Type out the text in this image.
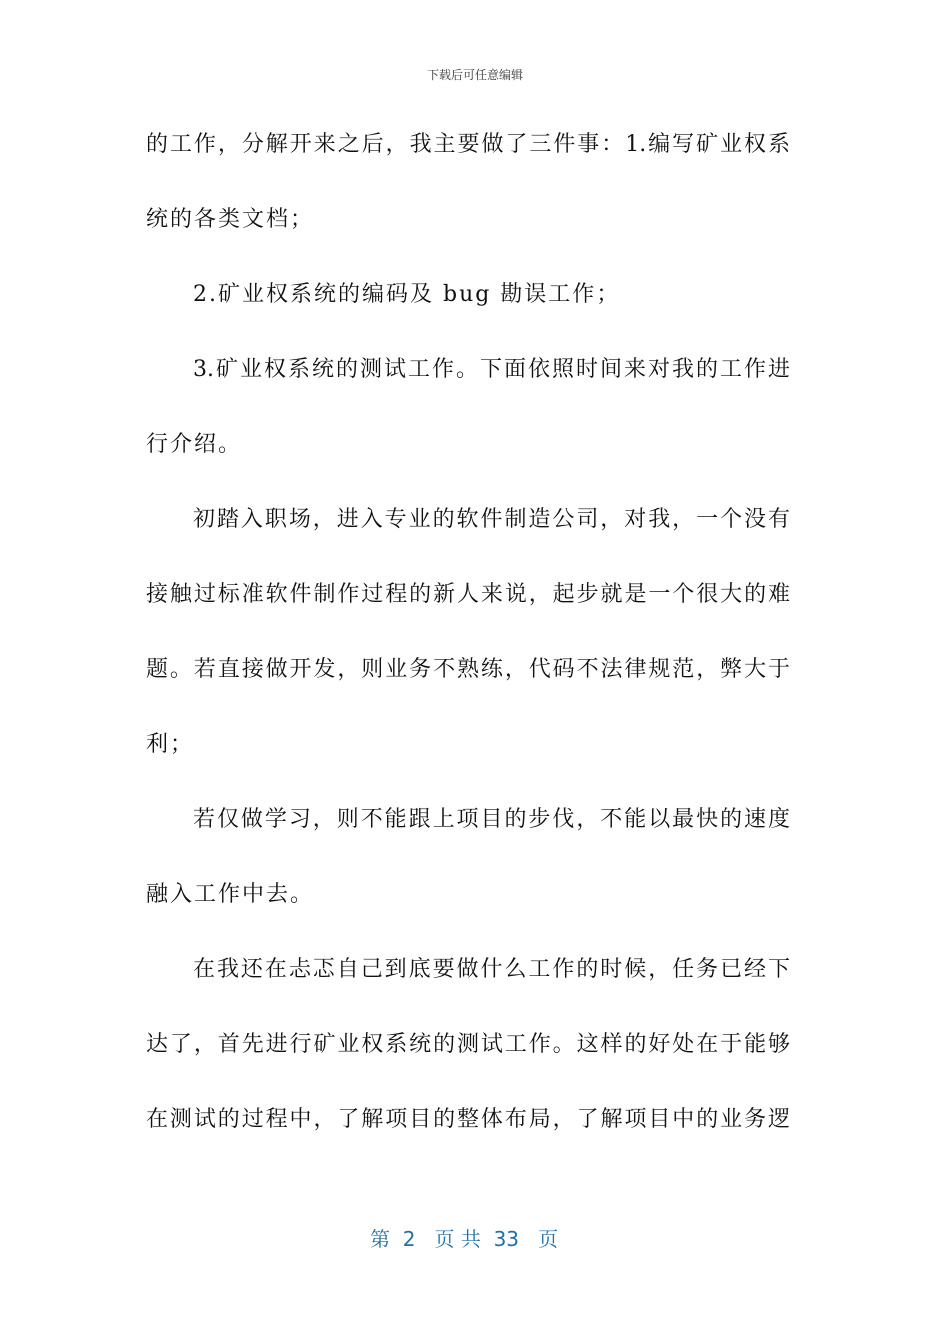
下载后可任意编辑
的工作，分解开来之后，我主要做了三件事：1.编写矿业权系
统的各类文档；
2.矿业权系统的编码及 bug 勘误工作；
3.矿业权系统的测试工作。下面依照时间来对我的工作进
行介绍。
初踏入职场，进入专业的软件制造公司，对我，一个没有
接触过标准软件制作过程的新人来说，起步就是一个很大的难
题。若直接做开发，则业务不熟练，代码不法律规范，弊大于
利；
若仅做学习，则不能跟上项目的步伐，不能以最快的速度
融入工作中去。
在我还在忐忑自己到底要做什么工作的时候，任务已经下
达了，首先进行矿业权系统的测试工作。这样的好处在于能够
在测试的过程中，了解项目的整体布局，了解项目中的业务逻
第  2   页 共  33   页
